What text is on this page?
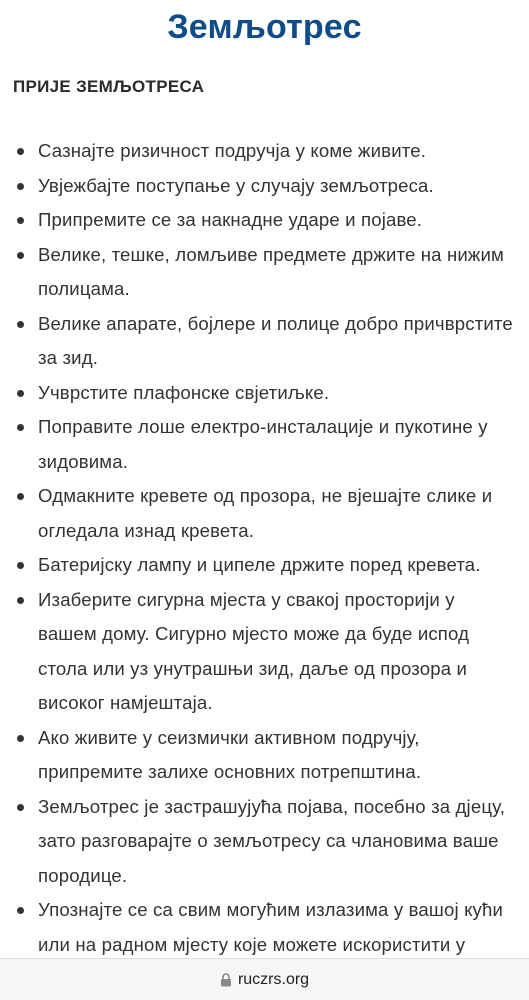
Земљотрес
ПРИЈЕ ЗЕМЉОТРЕСА
Сазнајте ризичност подручја у коме живите.
Увјежбајте поступање у случају земљотреса.
Припремите се за накнадне ударе и појаве.
Велике, тешке, ломљиве предмете држите на нижим полицама.
Велике апарате, бојлере и полице добро причврстите за зид.
Учврстите плафонске свјетиљке.
Поправите лоше електро-инсталације и пукотине у зидовима.
Одмакните кревете од прозора, не вјешајте слике и огледала изнад кревета.
Батеријску лампу и ципеле држите поред кревета.
Изаберите сигурна мјеста у свакој просторији у вашем дому. Сигурно мјесто може да буде испод стола или уз унутрашњи зид, даље од прозора и високог намјештаја.
Ако живите у сеизмички активном подручју, припремите залихе основних потрепштина.
Земљотрес је застрашујућа појава, посебно за дјецу, зато разговарајте о земљотресу са члановима ваше породице.
Упознајте се са свим могућим излазима у вашој кући или на радном мјесту које можете искористити у
ruczrs.org
